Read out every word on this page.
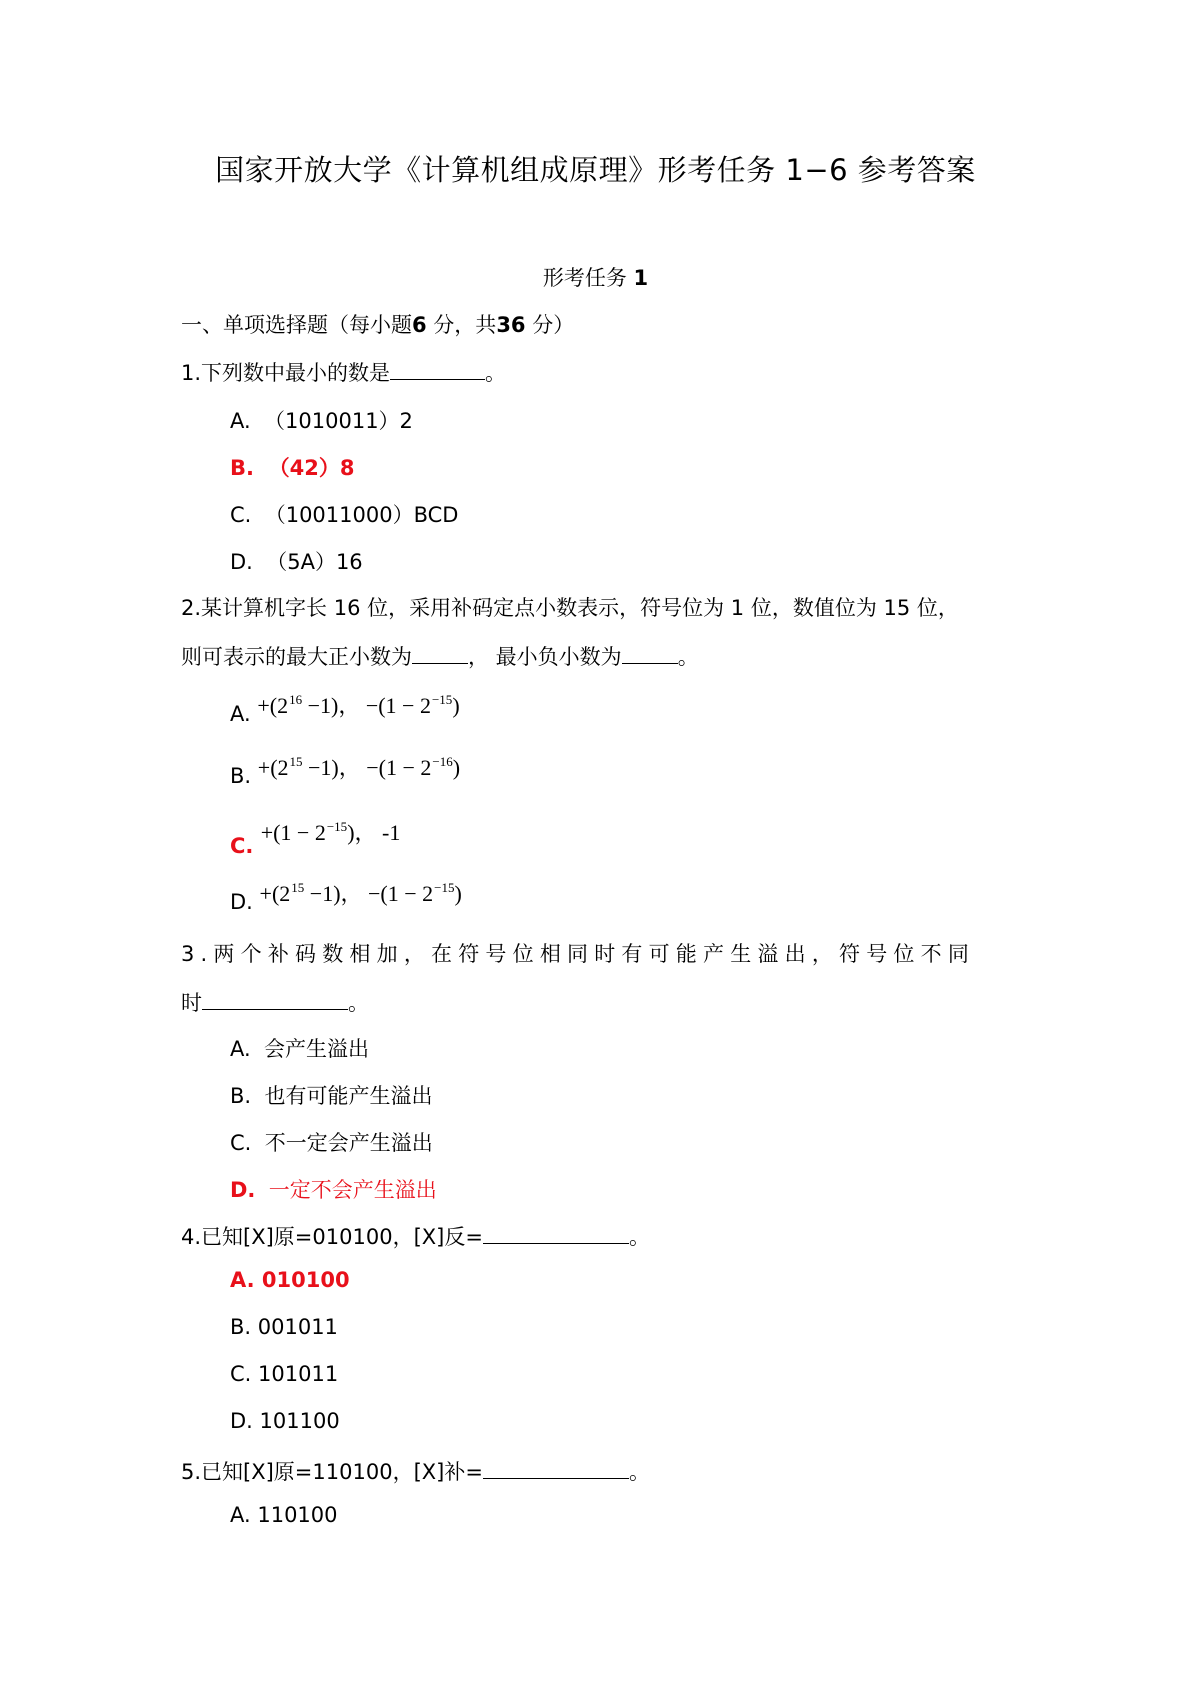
国家开放大学《计算机组成原理》形考任务 1−6 参考答案
形考任务 1
一、单项选择题（每小题6 分，共36 分）
1.下列数中最小的数是	。
A. （1010011）2
B. （42）8
C. （10011000）BCD
D. （5A）16
2.某计算机字长 16 位，采用补码定点小数表示，符号位为 1 位，数值位为 15 位，
则可表示的最大正小数为	， 最小负小数为	。
A. $+(2^{16} -1)$， $-(1 - 2^{-15})$
B. $+(2^{15} -1)$， $-(1 - 2^{-16})$
C. $+(1 - 2^{-15})$， -1
D. $+(2^{15} -1)$， $-(1 - 2^{-15})$
3.两个补码数相加，在符号位相同时有可能产生溢出，符号位不同
时	。
A. 会产生溢出
B. 也有可能产生溢出
C. 不一定会产生溢出
D. 一定不会产生溢出
4.已知[X]原=010100，[X]反=	。
A. 010100
B. 001011
C. 101011
D. 101100
5.已知[X]原=110100，[X]补=	。
A. 110100
